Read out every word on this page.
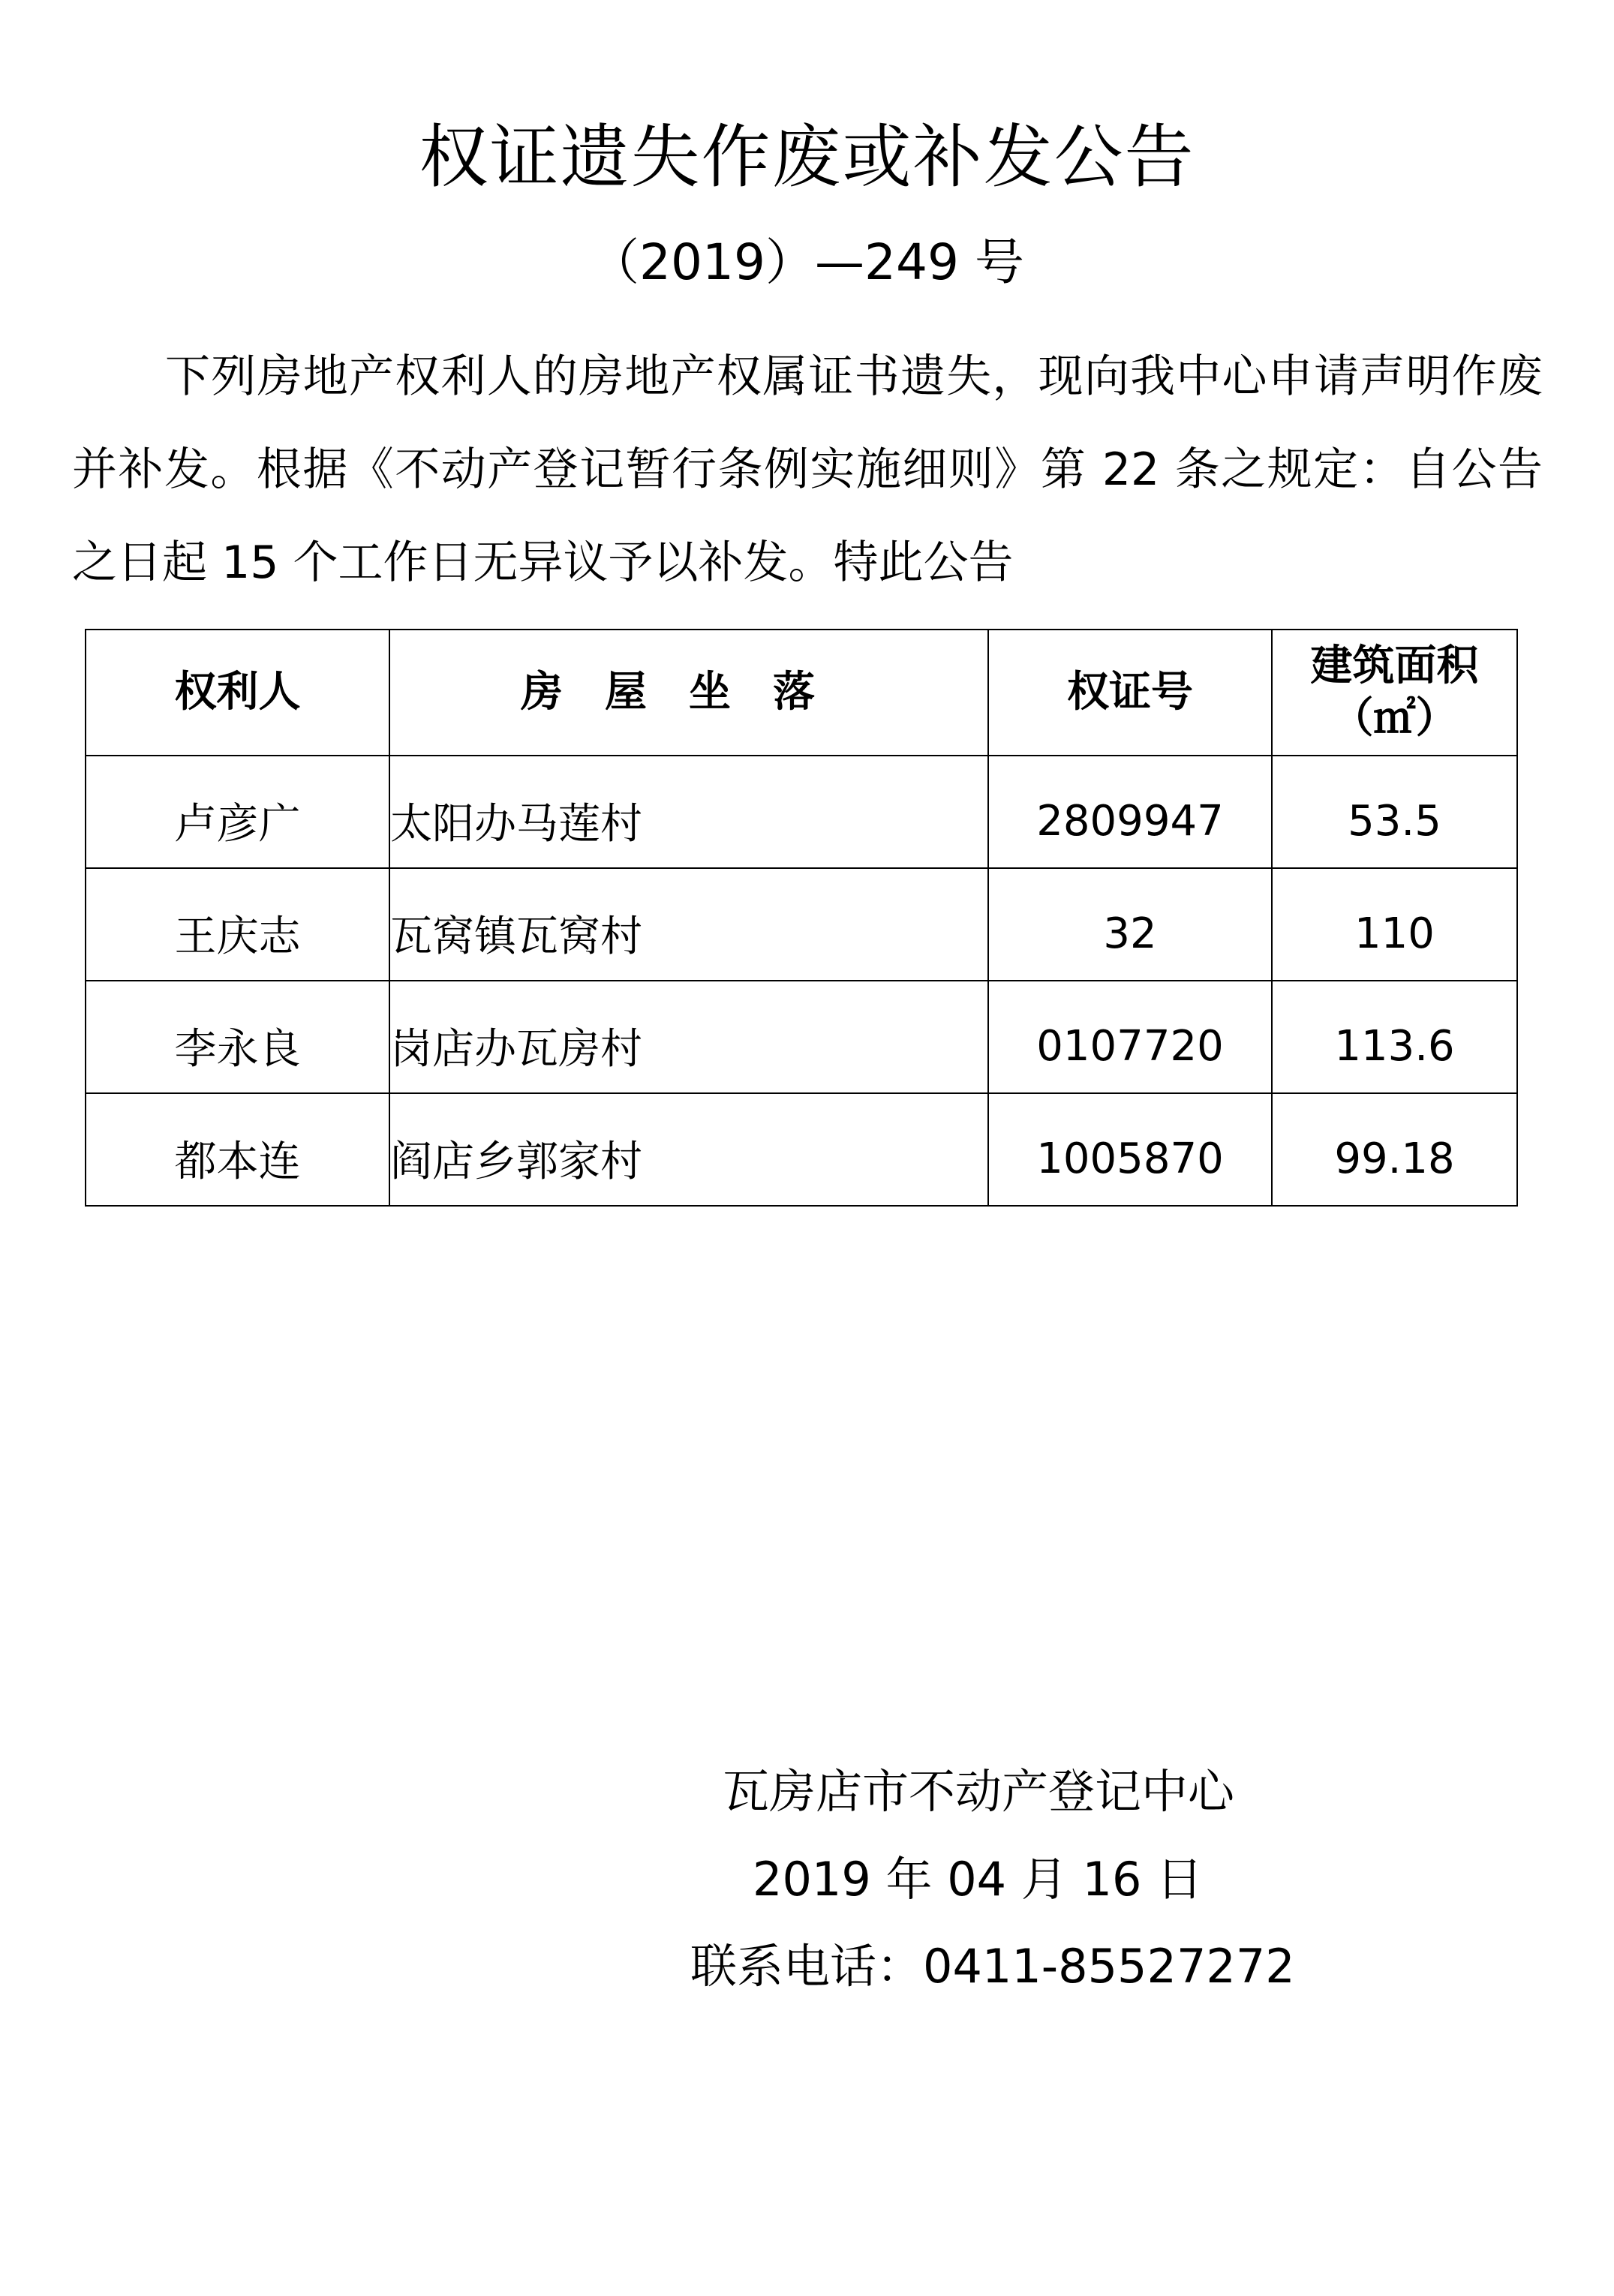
权证遗失作废或补发公告
（2019）—249 号

下列房地产权利人的房地产权属证书遗失，现向我中心申请声明作废并补发。根据《不动产登记暂行条例实施细则》第 22 条之规定：自公告之日起 15 个工作日无异议予以补发。特此公告

权利人	房屋坐落	权证号	建筑面积
（㎡）

卢彦广	太阳办马莲村	2809947	53.5
王庆志	瓦窝镇瓦窝村	32	110
李永良	岗店办瓦房村	0107720	113.6
都本连	阎店乡郭家村	1005870	99.18
瓦房店市不动产登记中心
2019 年 04 月 16 日
联系电话：0411-85527272
